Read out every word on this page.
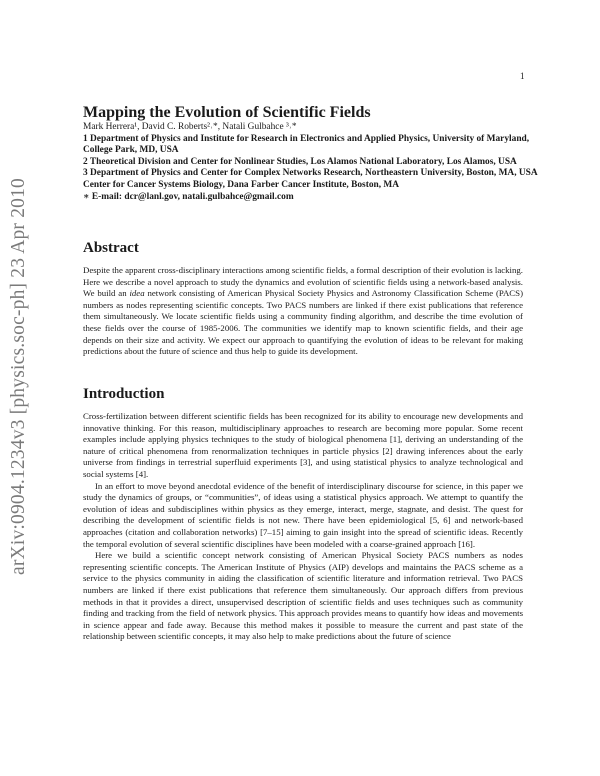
1
arXiv:0904.1234v3 [physics.soc-ph] 23 Apr 2010
Mapping the Evolution of Scientific Fields

Mark Herrera¹, David C. Roberts²˒*, Natali Gulbahce ³˒*

1 Department of Physics and Institute for Research in Electronics and Applied Physics, University of Maryland, College Park, MD, USA

2 Theoretical Division and Center for Nonlinear Studies, Los Alamos National Laboratory, Los Alamos, USA

3 Department of Physics and Center for Complex Networks Research, Northeastern University, Boston, MA, USA

Center for Cancer Systems Biology, Dana Farber Cancer Institute, Boston, MA

∗ E-mail: dcr@lanl.gov, natali.gulbahce@gmail.com

Abstract

Despite the apparent cross-disciplinary interactions among scientific fields, a formal description of their evolution is lacking. Here we describe a novel approach to study the dynamics and evolution of scientific fields using a network-based analysis. We build an idea network consisting of American Physical Society Physics and Astronomy Classification Scheme (PACS) numbers as nodes representing scientific concepts. Two PACS numbers are linked if there exist publications that reference them simultaneously. We locate scientific fields using a community finding algorithm, and describe the time evolution of these fields over the course of 1985-2006. The communities we identify map to known scientific fields, and their age depends on their size and activity. We expect our approach to quantifying the evolution of ideas to be relevant for making predictions about the future of science and thus help to guide its development.

Introduction

Cross-fertilization between different scientific fields has been recognized for its ability to encourage new developments and innovative thinking. For this reason, multidisciplinary approaches to research are becoming more popular. Some recent examples include applying physics techniques to the study of biological phenomena [1], deriving an understanding of the nature of critical phenomena from renormalization techniques in particle physics [2] drawing inferences about the early universe from findings in terrestrial superfluid experiments [3], and using statistical physics to analyze technological and social systems [4].

In an effort to move beyond anecdotal evidence of the benefit of interdisciplinary discourse for science, in this paper we study the dynamics of groups, or “communities”, of ideas using a statistical physics approach. We attempt to quantify the evolution of ideas and subdisciplines within physics as they emerge, interact, merge, stagnate, and desist. The quest for describing the development of scientific fields is not new. There have been epidemiological [5, 6] and network-based approaches (citation and collaboration networks) [7–15] aiming to gain insight into the spread of scientific ideas. Recently the temporal evolution of several scientific disciplines have been modeled with a coarse-grained approach [16].

Here we build a scientific concept network consisting of American Physical Society PACS numbers as nodes representing scientific concepts. The American Institute of Physics (AIP) develops and maintains the PACS scheme as a service to the physics community in aiding the classification of scientific literature and information retrieval. Two PACS numbers are linked if there exist publications that reference them simultaneously. Our approach differs from previous methods in that it provides a direct, unsupervised description of scientific fields and uses techniques such as community finding and tracking from the field of network physics. This approach provides means to quantify how ideas and movements in science appear and fade away. Because this method makes it possible to measure the current and past state of the relationship between scientific concepts, it may also help to make predictions about the future of science
